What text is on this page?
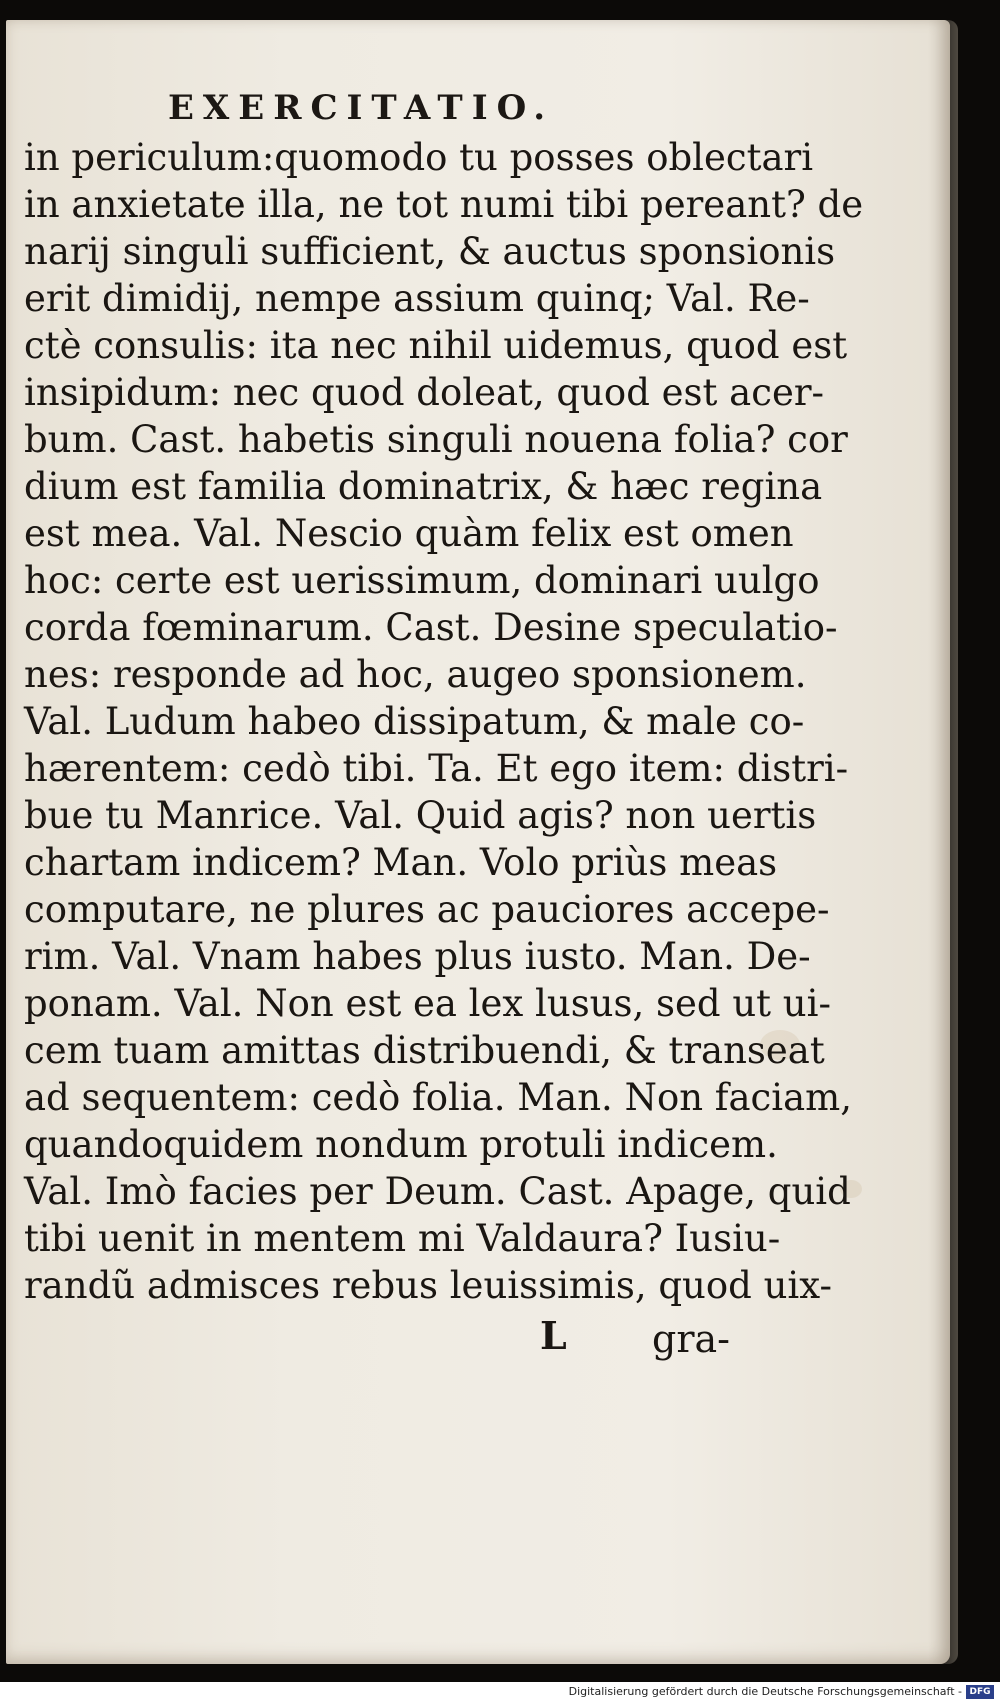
EXERCITATIO.
in periculum:quomodo tu posses oblectari
in anxietate illa, ne tot numi tibi pereant? de
narij singuli sufficient, & auctus sponsionis
erit dimidij, nempe assium quinq; Val. Re-
ctè consulis: ita nec nihil uidemus, quod est
insipidum: nec quod doleat, quod est acer-
bum. Cast. habetis singuli nouena folia? cor
dium est familia dominatrix, & hæc regina
est mea. Val. Nescio quàm felix est omen
hoc: certe est uerissimum, dominari uulgo
corda fœminarum. Cast. Desine speculatio-
nes: responde ad hoc, augeo sponsionem.
Val. Ludum habeo dissipatum, & male co-
hærentem: cedò tibi. Ta. Et ego item: distri-
bue tu Manrice. Val. Quid agis? non uertis
chartam indicem? Man. Volo priùs meas
computare, ne plures ac pauciores accepe-
rim. Val. Vnam habes plus iusto. Man. De-
ponam. Val. Non est ea lex lusus, sed ut ui-
cem tuam amittas distribuendi, & transeat
ad sequentem: cedò folia. Man. Non faciam,
quandoquidem nondum protuli indicem.
Val. Imò facies per Deum. Cast. Apage, quid
tibi uenit in mentem mi Valdaura? Iusiu-
randũ admisces rebus leuissimis, quod uix-
L gra-
Digitalisierung gefördert durch die Deutsche Forschungsgemeinschaft - DFG
